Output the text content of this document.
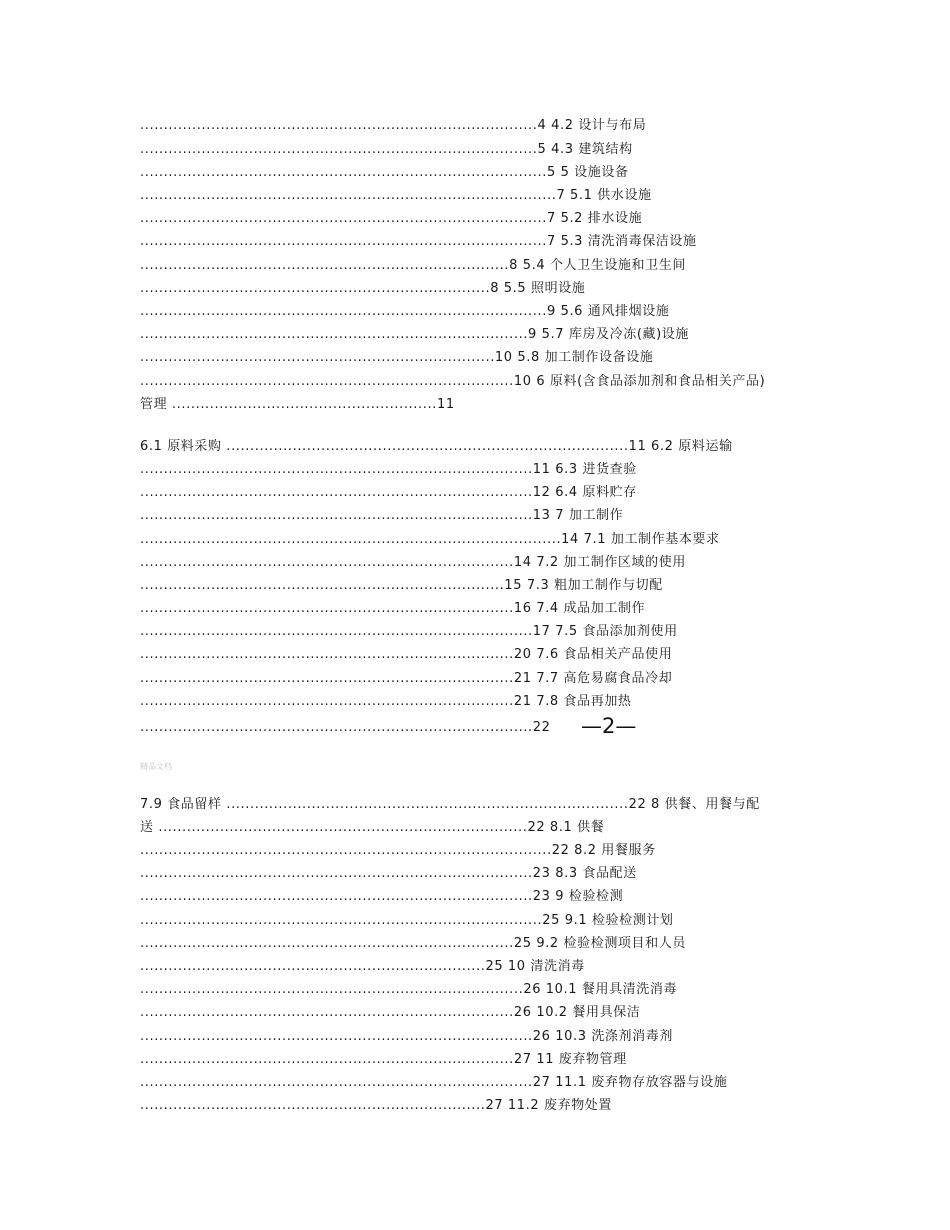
....................................................................................4 4.2 设计与布局
....................................................................................5 4.3 建筑结构
......................................................................................5 5 设施设备
........................................................................................7 5.1 供水设施
......................................................................................7 5.2 排水设施
......................................................................................7 5.3 清洗消毒保洁设施
..............................................................................8 5.4 个人卫生设施和卫生间
..........................................................................8 5.5 照明设施
......................................................................................9 5.6 通风排烟设施
..................................................................................9 5.7 库房及冷冻(藏)设施
...........................................................................10 5.8 加工制作设备设施
...............................................................................10 6 原料(含食品添加剂和食品相关产品)
管理 ........................................................11
6.1 原料采购 .....................................................................................11 6.2 原料运输
...................................................................................11 6.3 进货查验
...................................................................................12 6.4 原料贮存
...................................................................................13 7 加工制作
.........................................................................................14 7.1 加工制作基本要求
...............................................................................14 7.2 加工制作区域的使用
.............................................................................15 7.3 粗加工制作与切配
...............................................................................16 7.4 成品加工制作
...................................................................................17 7.5 食品添加剂使用
...............................................................................20 7.6 食品相关产品使用
...............................................................................21 7.7 高危易腐食品冷却
...............................................................................21 7.8 食品再加热
...................................................................................22 —2—
精品文档
7.9 食品留样 .....................................................................................22 8 供餐、用餐与配
送 ..............................................................................22 8.1 供餐
.......................................................................................22 8.2 用餐服务
...................................................................................23 8.3 食品配送
...................................................................................23 9 检验检测
.....................................................................................25 9.1 检验检测计划
...............................................................................25 9.2 检验检测项目和人员
.........................................................................25 10 清洗消毒
.................................................................................26 10.1 餐用具清洗消毒
...............................................................................26 10.2 餐用具保洁
...................................................................................26 10.3 洗涤剂消毒剂
...............................................................................27 11 废弃物管理
...................................................................................27 11.1 废弃物存放容器与设施
.........................................................................27 11.2 废弃物处置
